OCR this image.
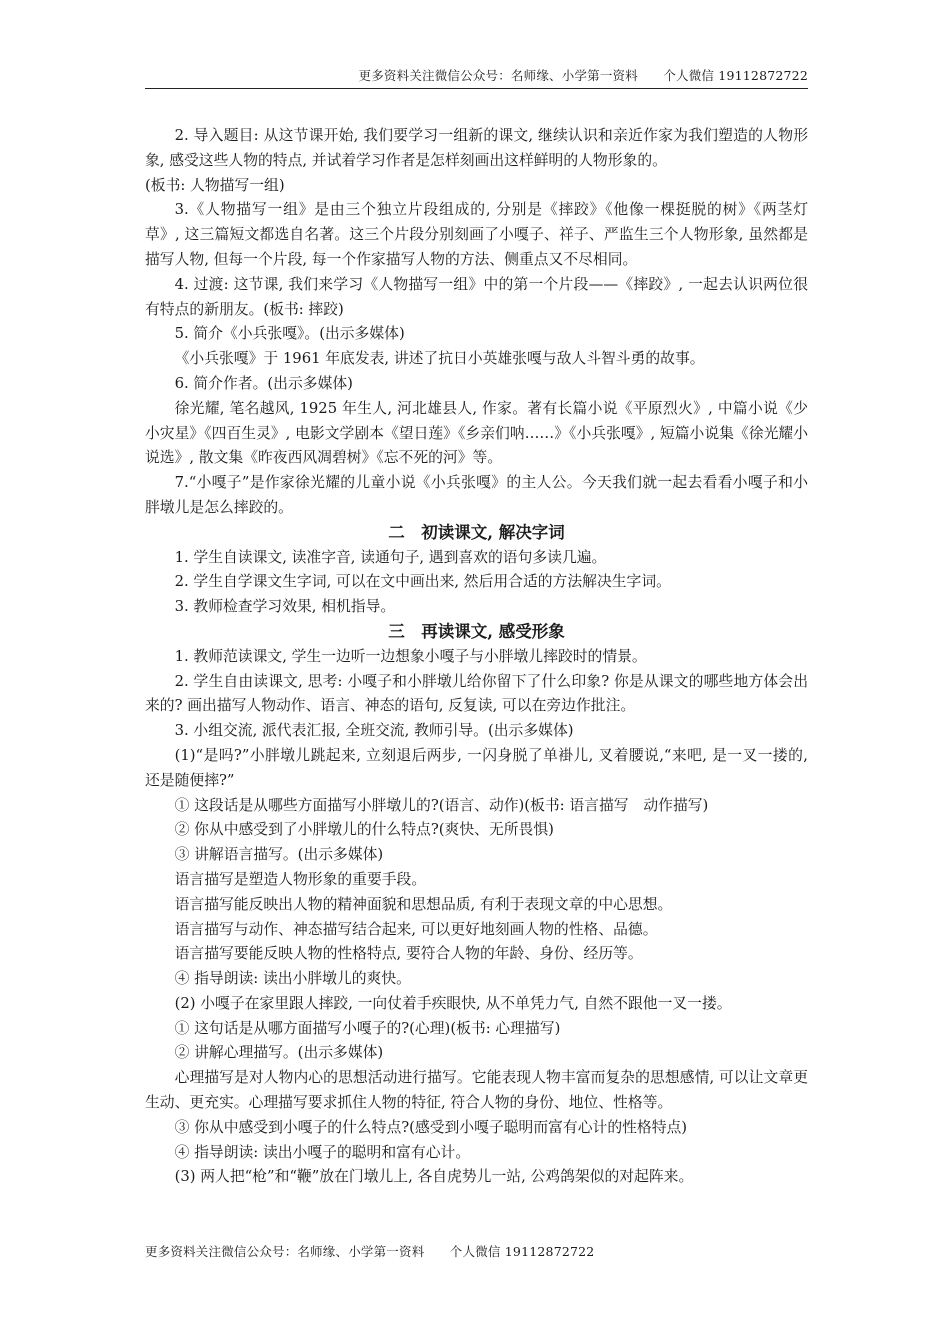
更多资料关注微信公众号：名师缘、小学第一资料　　个人微信 19112872722

2. 导入题目: 从这节课开始, 我们要学习一组新的课文, 继续认识和亲近作家为我们塑造的人物形象, 感受这些人物的特点, 并试着学习作者是怎样刻画出这样鲜明的人物形象的。

(板书: 人物描写一组)

3.《人物描写一组》是由三个独立片段组成的, 分别是《摔跤》《他像一棵挺脱的树》《两茎灯草》, 这三篇短文都选自名著。这三个片段分别刻画了小嘎子、祥子、严监生三个人物形象, 虽然都是描写人物, 但每一个片段, 每一个作家描写人物的方法、侧重点又不尽相同。

4. 过渡: 这节课, 我们来学习《人物描写一组》中的第一个片段——《摔跤》, 一起去认识两位很有特点的新朋友。(板书: 摔跤)

5. 简介《小兵张嘎》。(出示多媒体)

《小兵张嘎》于 1961 年底发表, 讲述了抗日小英雄张嘎与敌人斗智斗勇的故事。

6. 简介作者。(出示多媒体)

徐光耀, 笔名越风, 1925 年生人, 河北雄县人, 作家。著有长篇小说《平原烈火》, 中篇小说《少小灾星》《四百生灵》, 电影文学剧本《望日莲》《乡亲们呐……》《小兵张嘎》, 短篇小说集《徐光耀小说选》, 散文集《昨夜西风凋碧树》《忘不死的河》等。

7.“小嘎子”是作家徐光耀的儿童小说《小兵张嘎》的主人公。今天我们就一起去看看小嘎子和小胖墩儿是怎么摔跤的。

二　初读课文, 解决字词

1. 学生自读课文, 读准字音, 读通句子, 遇到喜欢的语句多读几遍。

2. 学生自学课文生字词, 可以在文中画出来, 然后用合适的方法解决生字词。

3. 教师检查学习效果, 相机指导。

三　再读课文, 感受形象

1. 教师范读课文, 学生一边听一边想象小嘎子与小胖墩儿摔跤时的情景。

2. 学生自由读课文, 思考: 小嘎子和小胖墩儿给你留下了什么印象? 你是从课文的哪些地方体会出来的? 画出描写人物动作、语言、神态的语句, 反复读, 可以在旁边作批注。

3. 小组交流, 派代表汇报, 全班交流, 教师引导。(出示多媒体)

(1)“是吗?”小胖墩儿跳起来, 立刻退后两步, 一闪身脱了单褂儿, 叉着腰说,“来吧, 是一叉一搂的, 还是随便摔?”

① 这段话是从哪些方面描写小胖墩儿的?(语言、动作)(板书: 语言描写　动作描写)

② 你从中感受到了小胖墩儿的什么特点?(爽快、无所畏惧)

③ 讲解语言描写。(出示多媒体)

语言描写是塑造人物形象的重要手段。

语言描写能反映出人物的精神面貌和思想品质, 有利于表现文章的中心思想。

语言描写与动作、神态描写结合起来, 可以更好地刻画人物的性格、品德。

语言描写要能反映人物的性格特点, 要符合人物的年龄、身份、经历等。

④ 指导朗读: 读出小胖墩儿的爽快。

(2) 小嘎子在家里跟人摔跤, 一向仗着手疾眼快, 从不单凭力气, 自然不跟他一叉一搂。

① 这句话是从哪方面描写小嘎子的?(心理)(板书: 心理描写)

② 讲解心理描写。(出示多媒体)

心理描写是对人物内心的思想活动进行描写。它能表现人物丰富而复杂的思想感情, 可以让文章更生动、更充实。心理描写要求抓住人物的特征, 符合人物的身份、地位、性格等。

③ 你从中感受到小嘎子的什么特点?(感受到小嘎子聪明而富有心计的性格特点)

④ 指导朗读: 读出小嘎子的聪明和富有心计。

(3) 两人把“枪”和“鞭”放在门墩儿上, 各自虎势儿一站, 公鸡鸽架似的对起阵来。

更多资料关注微信公众号：名师缘、小学第一资料　　个人微信 19112872722
